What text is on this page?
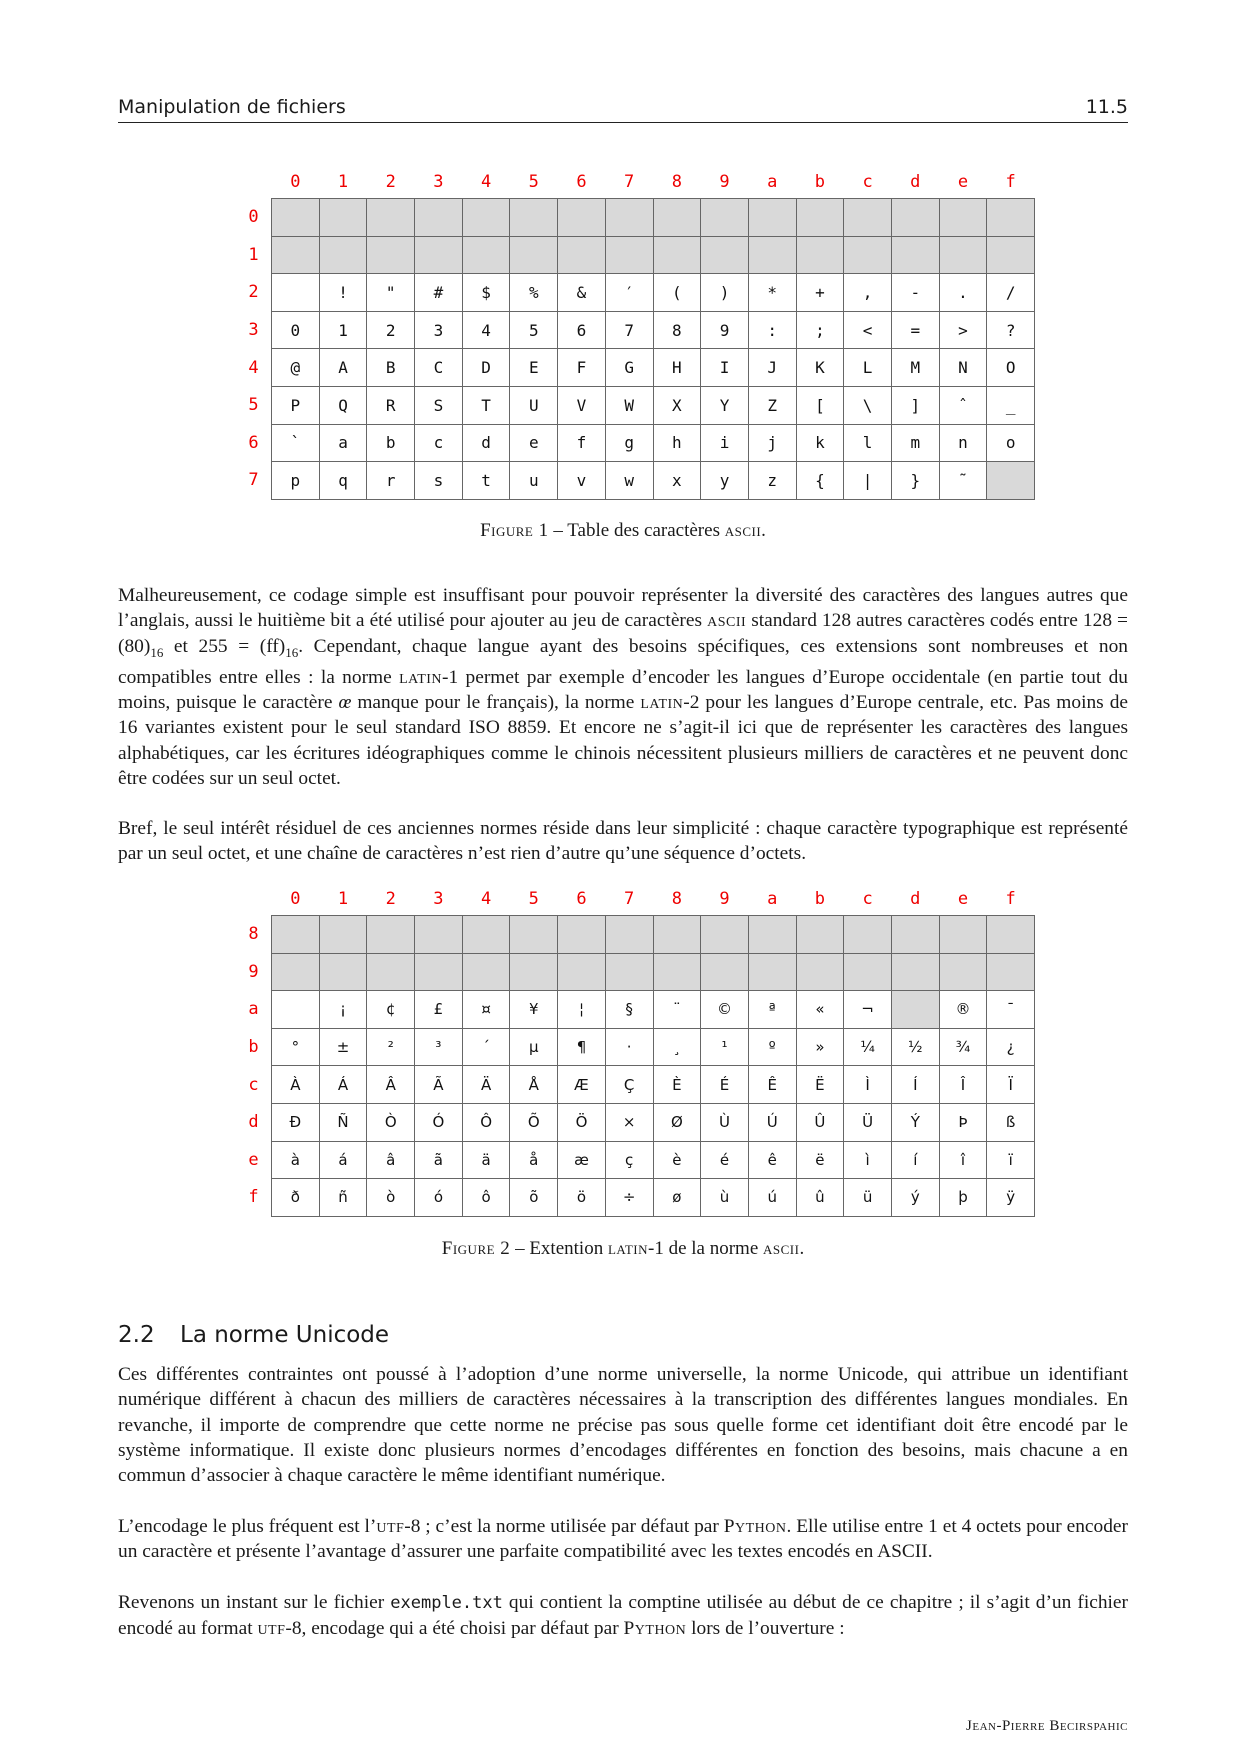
Manipulation de fichiers	11.5
	0	1	2	3	4	5	6	7	8	9	a	b	c	d	e	f
0																
1																
2		!	"	#	$	%	&	′	(	)	*	+	,	-	.	/
3	0	1	2	3	4	5	6	7	8	9	:	;	<	=	>	?
4	@	A	B	C	D	E	F	G	H	I	J	K	L	M	N	O
5	P	Q	R	S	T	U	V	W	X	Y	Z	[	\	]	ˆ	_
6	`	a	b	c	d	e	f	g	h	i	j	k	l	m	n	o
7	p	q	r	s	t	u	v	w	x	y	z	{	|	}	˜	
Figure 1 – Table des caractères ascii.

Malheureusement, ce codage simple est insuffisant pour pouvoir représenter la diversité des caractères des langues autres que l’anglais, aussi le huitième bit a été utilisé pour ajouter au jeu de caractères ascii standard 128 autres caractères codés entre $128 = (80)_{16}$ et $255 = (ff)_{16}$. Cependant, chaque langue ayant des besoins spécifiques, ces extensions sont nombreuses et non compatibles entre elles : la norme latin-1 permet par exemple d’encoder les langues d’Europe occidentale (en partie tout du moins, puisque le caractère œ manque pour le français), la norme latin-2 pour les langues d’Europe centrale, etc. Pas moins de 16 variantes existent pour le seul standard ISO 8859. Et encore ne s’agit-il ici que de représenter les caractères des langues alphabétiques, car les écritures idéographiques comme le chinois nécessitent plusieurs milliers de caractères et ne peuvent donc être codées sur un seul octet.

Bref, le seul intérêt résiduel de ces anciennes normes réside dans leur simplicité : chaque caractère typographique est représenté par un seul octet, et une chaîne de caractères n’est rien d’autre qu’une séquence d’octets.

	0	1	2	3	4	5	6	7	8	9	a	b	c	d	e	f
8																
9																
a		¡	¢	£	¤	¥	¦	§	¨	©	ª	«	¬		®	¯
b	°	±	²	³	´	µ	¶	·	¸	¹	º	»	¼	½	¾	¿
c	À	Á	Â	Ã	Ä	Å	Æ	Ç	È	É	Ê	Ë	Ì	Í	Î	Ï
d	Ð	Ñ	Ò	Ó	Ô	Õ	Ö	×	Ø	Ù	Ú	Û	Ü	Ý	Þ	ß
e	à	á	â	ã	ä	å	æ	ç	è	é	ê	ë	ì	í	î	ï
f	ð	ñ	ò	ó	ô	õ	ö	÷	ø	ù	ú	û	ü	ý	þ	ÿ
Figure 2 – Extention latin-1 de la norme ascii.
2.2 La norme Unicode

Ces différentes contraintes ont poussé à l’adoption d’une norme universelle, la norme Unicode, qui attribue un identifiant numérique différent à chacun des milliers de caractères nécessaires à la transcription des différentes langues mondiales. En revanche, il importe de comprendre que cette norme ne précise pas sous quelle forme cet identifiant doit être encodé par le système informatique. Il existe donc plusieurs normes d’encodages différentes en fonction des besoins, mais chacune a en commun d’associer à chaque caractère le même identifiant numérique.

L’encodage le plus fréquent est l’utf-8 ; c’est la norme utilisée par défaut par Python. Elle utilise entre 1 et 4 octets pour encoder un caractère et présente l’avantage d’assurer une parfaite compatibilité avec les textes encodés en ASCII.

Revenons un instant sur le fichier exemple.txt qui contient la comptine utilisée au début de ce chapitre ; il s’agit d’un fichier encodé au format utf-8, encodage qui a été choisi par défaut par Python lors de l’ouverture :

Jean-Pierre Becirspahic
